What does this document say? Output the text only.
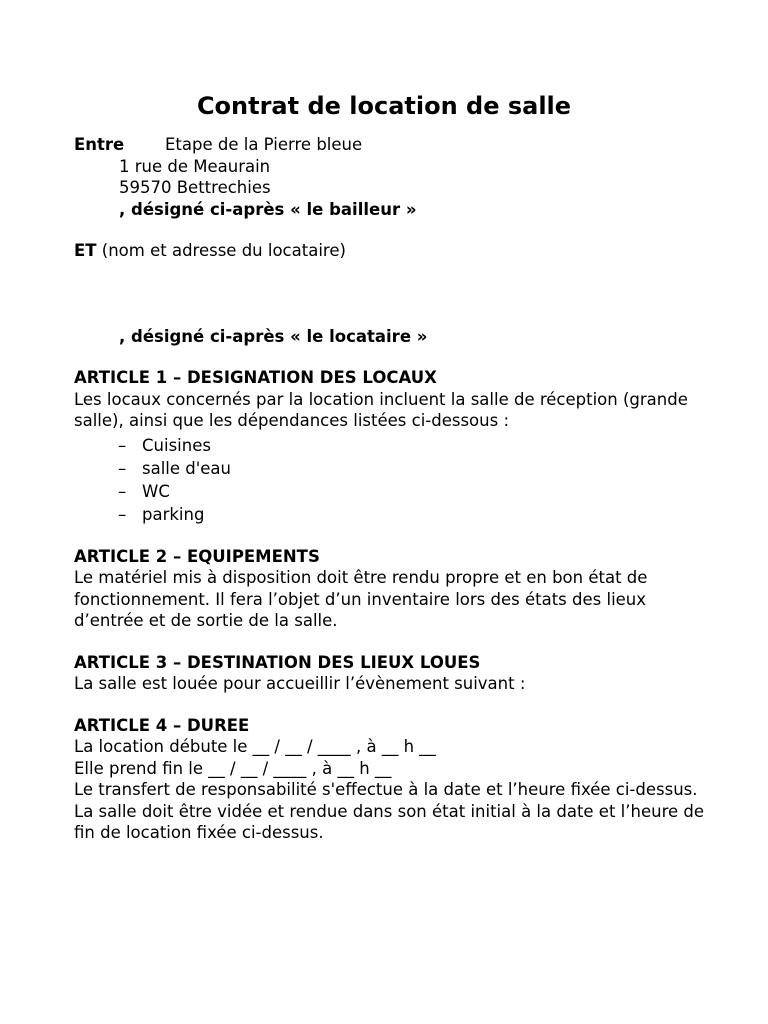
Contrat de location de salle
Entre	Etape de la Pierre bleue
1 rue de Meaurain
59570 Bettrechies
, désigné ci-après « le bailleur »
ET (nom et adresse du locataire)
, désigné ci-après « le locataire »
ARTICLE 1 – DESIGNATION DES LOCAUX
Les locaux concernés par la location incluent la salle de réception (grande salle), ainsi que les dépendances listées ci-dessous :
– Cuisines
– salle d'eau
– WC
– parking
ARTICLE 2 – EQUIPEMENTS
Le matériel mis à disposition doit être rendu propre et en bon état de fonctionnement. Il fera l’objet d’un inventaire lors des états des lieux d’entrée et de sortie de la salle.
ARTICLE 3 – DESTINATION DES LIEUX LOUES
La salle est louée pour accueillir l’évènement suivant :
ARTICLE 4 – DUREE
La location débute le __ / __ / ____ , à __ h __
Elle prend fin le __ / __ / ____ , à __ h __
Le transfert de responsabilité s'effectue à la date et l’heure fixée ci-dessus. La salle doit être vidée et rendue dans son état initial à la date et l’heure de fin de location fixée ci-dessus.
